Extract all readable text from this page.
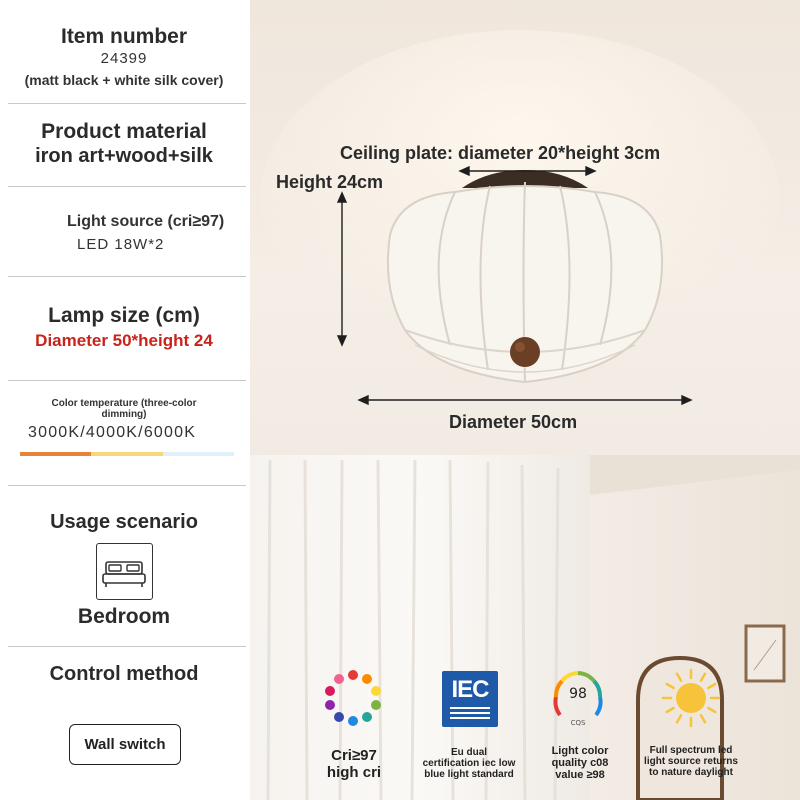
Item number
24399
(matt black + white silk cover)
Product material
iron art+wood+silk
Light source (cri≥97)
LED 18W*2
Lamp size (cm)
Diameter 50*height 24
Color temperature (three-color dimming)
3000K/4000K/6000K
Usage scenario
Bedroom
Control method
Wall switch
Ceiling plate: diameter 20*height 3cm
Height 24cm
Diameter 50cm
Cri≥97
high cri
IEC
Eu dual
certification iec low
blue light standard
98
CQS
Light color
quality c08
value ≥98
Full spectrum led
light source returns
to nature daylight
